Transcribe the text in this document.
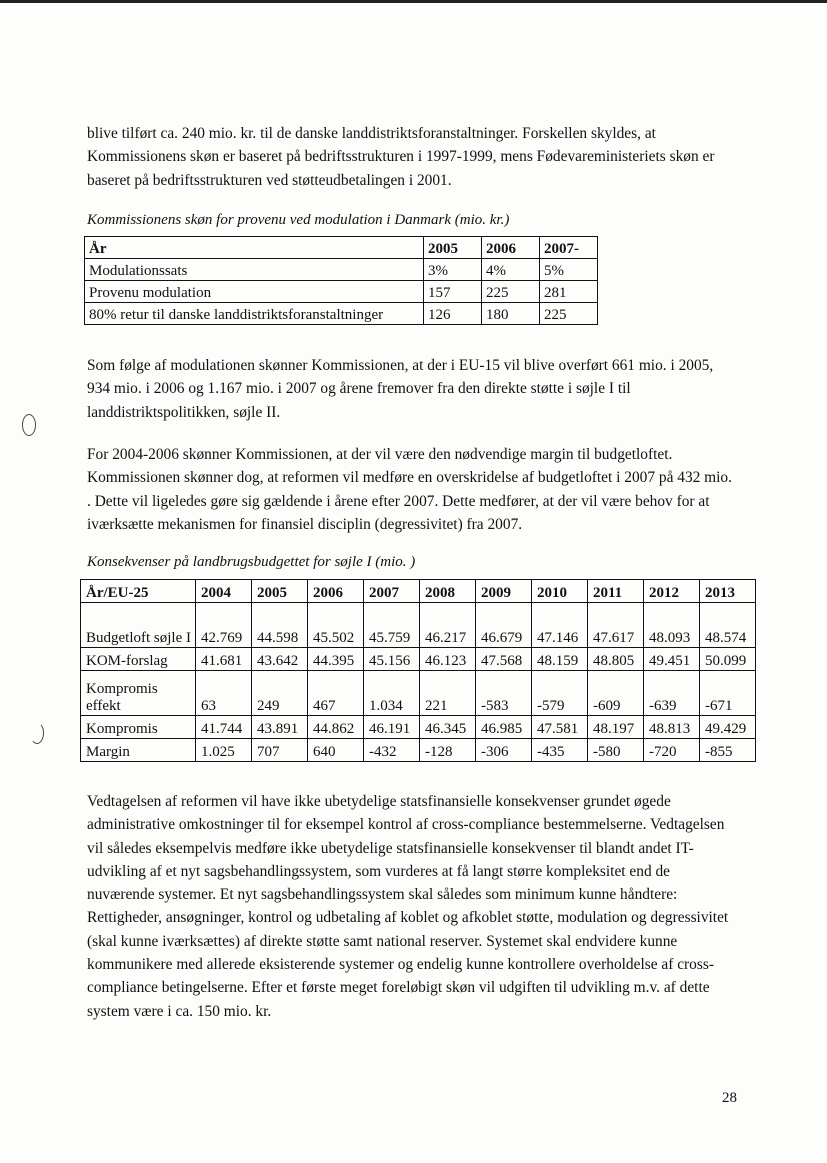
blive tilført ca. 240 mio. kr. til de danske landdistriktsforanstaltninger. Forskellen skyldes, at Kommissionens skøn er baseret på bedriftsstrukturen i 1997-1999, mens Fødevareministeriets skøn er baseret på bedriftsstrukturen ved støtteudbetalingen i 2001.

Kommissionens skøn for provenu ved modulation i Danmark (mio. kr.)

År	2005	2006	2007-
Modulationssats	3%	4%	5%
Provenu modulation	157	225	281
80% retur til danske landdistriktsforanstaltninger	126	180	225

Som følge af modulationen skønner Kommissionen, at der i EU-15 vil blive overført 661 mio. i 2005, 934 mio. i 2006 og 1.167 mio. i 2007 og årene fremover fra den direkte støtte i søjle I til landdistriktspolitikken, søjle II.

For 2004-2006 skønner Kommissionen, at der vil være den nødvendige margin til budgetloftet. Kommissionen skønner dog, at reformen vil medføre en overskridelse af budgetloftet i 2007 på 432 mio. . Dette vil ligeledes gøre sig gældende i årene efter 2007. Dette medfører, at der vil være behov for at iværksætte mekanismen for finansiel disciplin (degressivitet) fra 2007.

Konsekvenser på landbrugsbudgettet for søjle I (mio. )

År/EU-25	2004	2005	2006	2007	2008	2009	2010	2011	2012	2013
Budgetloft søjle I	42.769	44.598	45.502	45.759	46.217	46.679	47.146	47.617	48.093	48.574
KOM-forslag	41.681	43.642	44.395	45.156	46.123	47.568	48.159	48.805	49.451	50.099
Kompromis effekt	63	249	467	1.034	221	-583	-579	-609	-639	-671
Kompromis	41.744	43.891	44.862	46.191	46.345	46.985	47.581	48.197	48.813	49.429
Margin	1.025	707	640	-432	-128	-306	-435	-580	-720	-855

Vedtagelsen af reformen vil have ikke ubetydelige statsfinansielle konsekvenser grundet øgede administrative omkostninger til for eksempel kontrol af cross-compliance bestemmelserne. Vedtagelsen vil således eksempelvis medføre ikke ubetydelige statsfinansielle konsekvenser til blandt andet IT-udvikling af et nyt sagsbehandlingssystem, som vurderes at få langt større kompleksitet end de nuværende systemer. Et nyt sagsbehandlingssystem skal således som minimum kunne håndtere: Rettigheder, ansøgninger, kontrol og udbetaling af koblet og afkoblet støtte, modulation og degressivitet (skal kunne iværksættes) af direkte støtte samt national reserver. Systemet skal endvidere kunne kommunikere med allerede eksisterende systemer og endelig kunne kontrollere overholdelse af cross-compliance betingelserne. Efter et første meget foreløbigt skøn vil udgiften til udvikling m.v. af dette system være i ca. 150 mio. kr.

28
